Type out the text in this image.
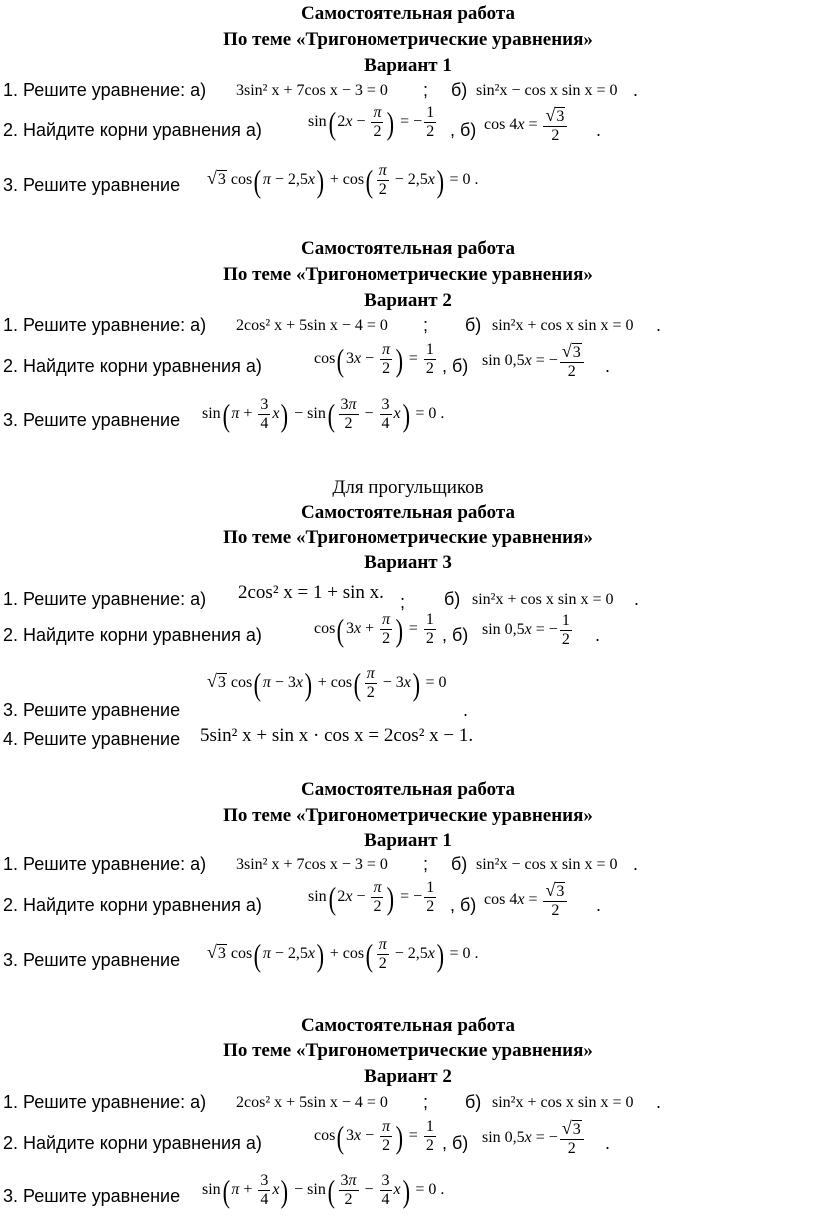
Самостоятельная работа
По теме «Тригонометрические уравнения»
Вариант 1
1. Решите уравнение: а) 3sin² x + 7cos x − 3 = 0 ; б) sin²x − cos x sin x = 0 .
2. Найдите корни уравнения а)	$\sin(2x - \frac{\pi}{2}$ ) = − $\frac{1}{2}$ , б) $\cos 4x = \frac{√3}{2}$ .
3. Решите уравнение √3 $\cos(\pi - 2,5x) + \cos( \frac{\pi}{2} - 2,5x) = 0$ .
Самостоятельная работа
По теме «Тригонометрические уравнения»
Вариант 2
1. Решите уравнение: а) 2cos² x + 5sin x − 4 = 0 ; б) sin²x + cos x sin x = 0 .
2. Найдите корни уравнения а)	$\cos(3x - \frac{\pi}{2}$ ) = $\frac{1}{2}$ , б) sin 0,5x = − $\frac{√3}{2}$ .
3. Решите уравнение $\sin(\pi + \frac{3}{4} x) - \sin( \frac{3\pi}{2} - \frac{3}{4} x) = 0$ .
Для прогульщиков
Самостоятельная работа
По теме «Тригонометрические уравнения»
Вариант 3
1. Решите уравнение: а) 2cos² x = 1 + sin x. ; б) sin²x + cos x sin x = 0 .
2. Найдите корни уравнения а)	$\cos(3x + \frac{\pi}{2}$ ) = $\frac{1}{2}$ , б) sin 0,5x = − $\frac{1}{2}$ .
√3 $\cos(\pi - 3x) + \cos( \frac{\pi}{2} - 3x) = 0$
3. Решите уравнение	.
4. Решите уравнение 5sin² x + sin x · cos x = 2cos² x − 1.
Самостоятельная работа
По теме «Тригонометрические уравнения»
Вариант 1
1. Решите уравнение: а) 3sin² x + 7cos x − 3 = 0 ; б) sin²x − cos x sin x = 0 .
2. Найдите корни уравнения а)	$\sin(2x - \frac{\pi}{2}$ ) = − $\frac{1}{2}$ , б) $\cos 4x = \frac{√3}{2}$ .
3. Решите уравнение √3 $\cos(\pi - 2,5x) + \cos( \frac{\pi}{2} - 2,5x) = 0$ .
Самостоятельная работа
По теме «Тригонометрические уравнения»
Вариант 2
1. Решите уравнение: а) 2cos² x + 5sin x − 4 = 0 ; б) sin²x + cos x sin x = 0 .
2. Найдите корни уравнения а)	$\cos(3x - \frac{\pi}{2}$ ) = $\frac{1}{2}$ , б) sin 0,5x = − $\frac{√3}{2}$ .
3. Решите уравнение $\sin(\pi + \frac{3}{4} x) - \sin( \frac{3\pi}{2} - \frac{3}{4} x) = 0$ .
